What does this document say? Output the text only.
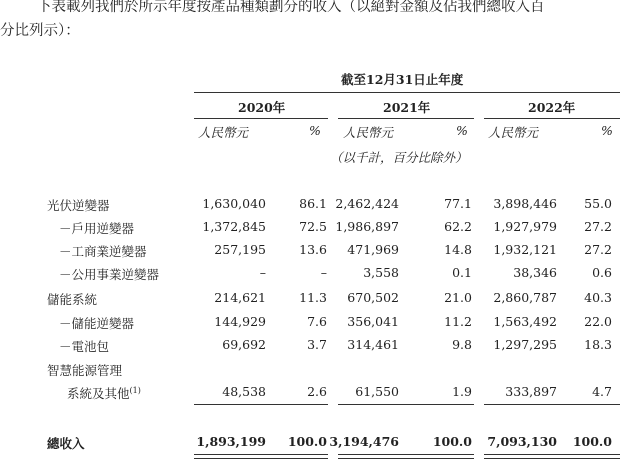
下表載列我們於所示年度按產品種類劃分的收入（以絕對金額及佔我們總收入百
分比列示）：
截至12月31日止年度
2020年	2021年	2022年
人民幣元	% 人民幣元	% 人民幣元	%
（以千計，百分比除外）
光伏逆變器	1,630,040	86.1 2,462,424	77.1	3,898,446	55.0
－戶用逆變器	1,372,845	72.5 1,986,897	62.2	1,927,979	27.2
－工商業逆變器	257,195	13.6	471,969	14.8	1,932,121	27.2
－公用事業逆變器	–	–	3,558	0.1	38,346	0.6
儲能系統	214,621	11.3	670,502	21.0	2,860,787	40.3
－儲能逆變器	144,929	7.6	356,041	11.2	1,563,492	22.0
－電池包	69,692	3.7	314,461	9.8	1,297,295	18.3
智慧能源管理
系統及其他$^{(1)}$	48,538	2.6	61,550	1.9	333,897	4.7
總收入	1,893,199 100.0 3,194,476	100.0	7,093,130 100.0
